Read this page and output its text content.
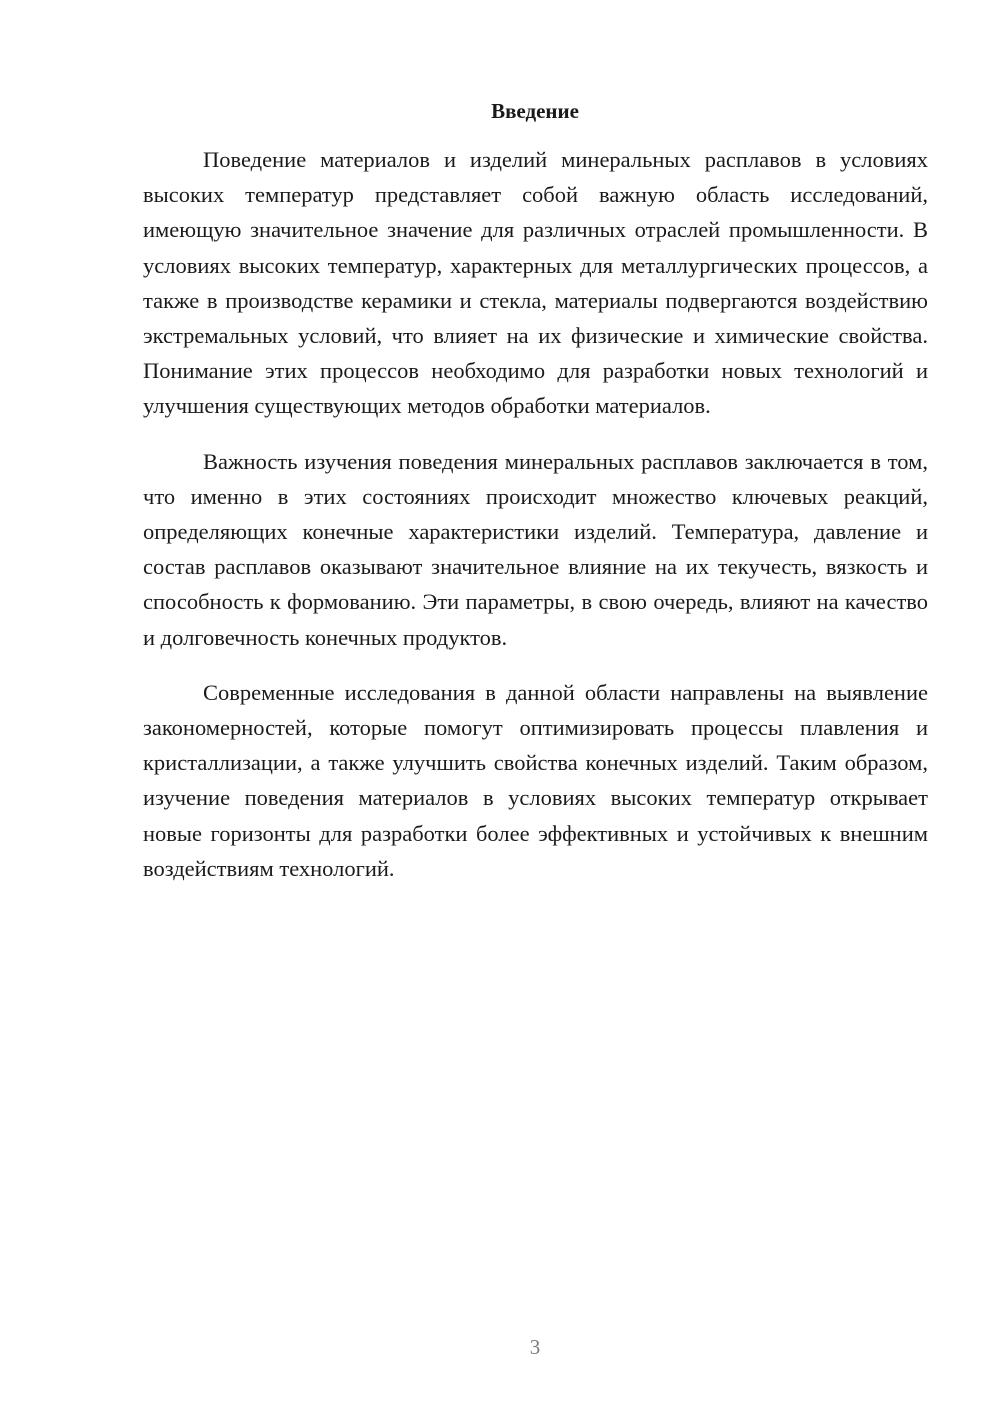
Введение

Поведение материалов и изделий минеральных расплавов в условиях высоких температур представляет собой важную область исследований, имеющую значительное значение для различных отраслей промышленности. В условиях высоких температур, характерных для металлургических процессов, а также в производстве керамики и стекла, материалы подвергаются воздействию экстремальных условий, что влияет на их физические и химические свойства. Понимание этих процессов необходимо для разработки новых технологий и улучшения существующих методов обработки материалов.

Важность изучения поведения минеральных расплавов заключается в том, что именно в этих состояниях происходит множество ключевых реакций, определяющих конечные характеристики изделий. Температура, давление и состав расплавов оказывают значительное влияние на их текучесть, вязкость и способность к формованию. Эти параметры, в свою очередь, влияют на качество и долговечность конечных продуктов.

Современные исследования в данной области направлены на выявление закономерностей, которые помогут оптимизировать процессы плавления и кристаллизации, а также улучшить свойства конечных изделий. Таким образом, изучение поведения материалов в условиях высоких температур открывает новые горизонты для разработки более эффективных и устойчивых к внешним воздействиям технологий.

3
